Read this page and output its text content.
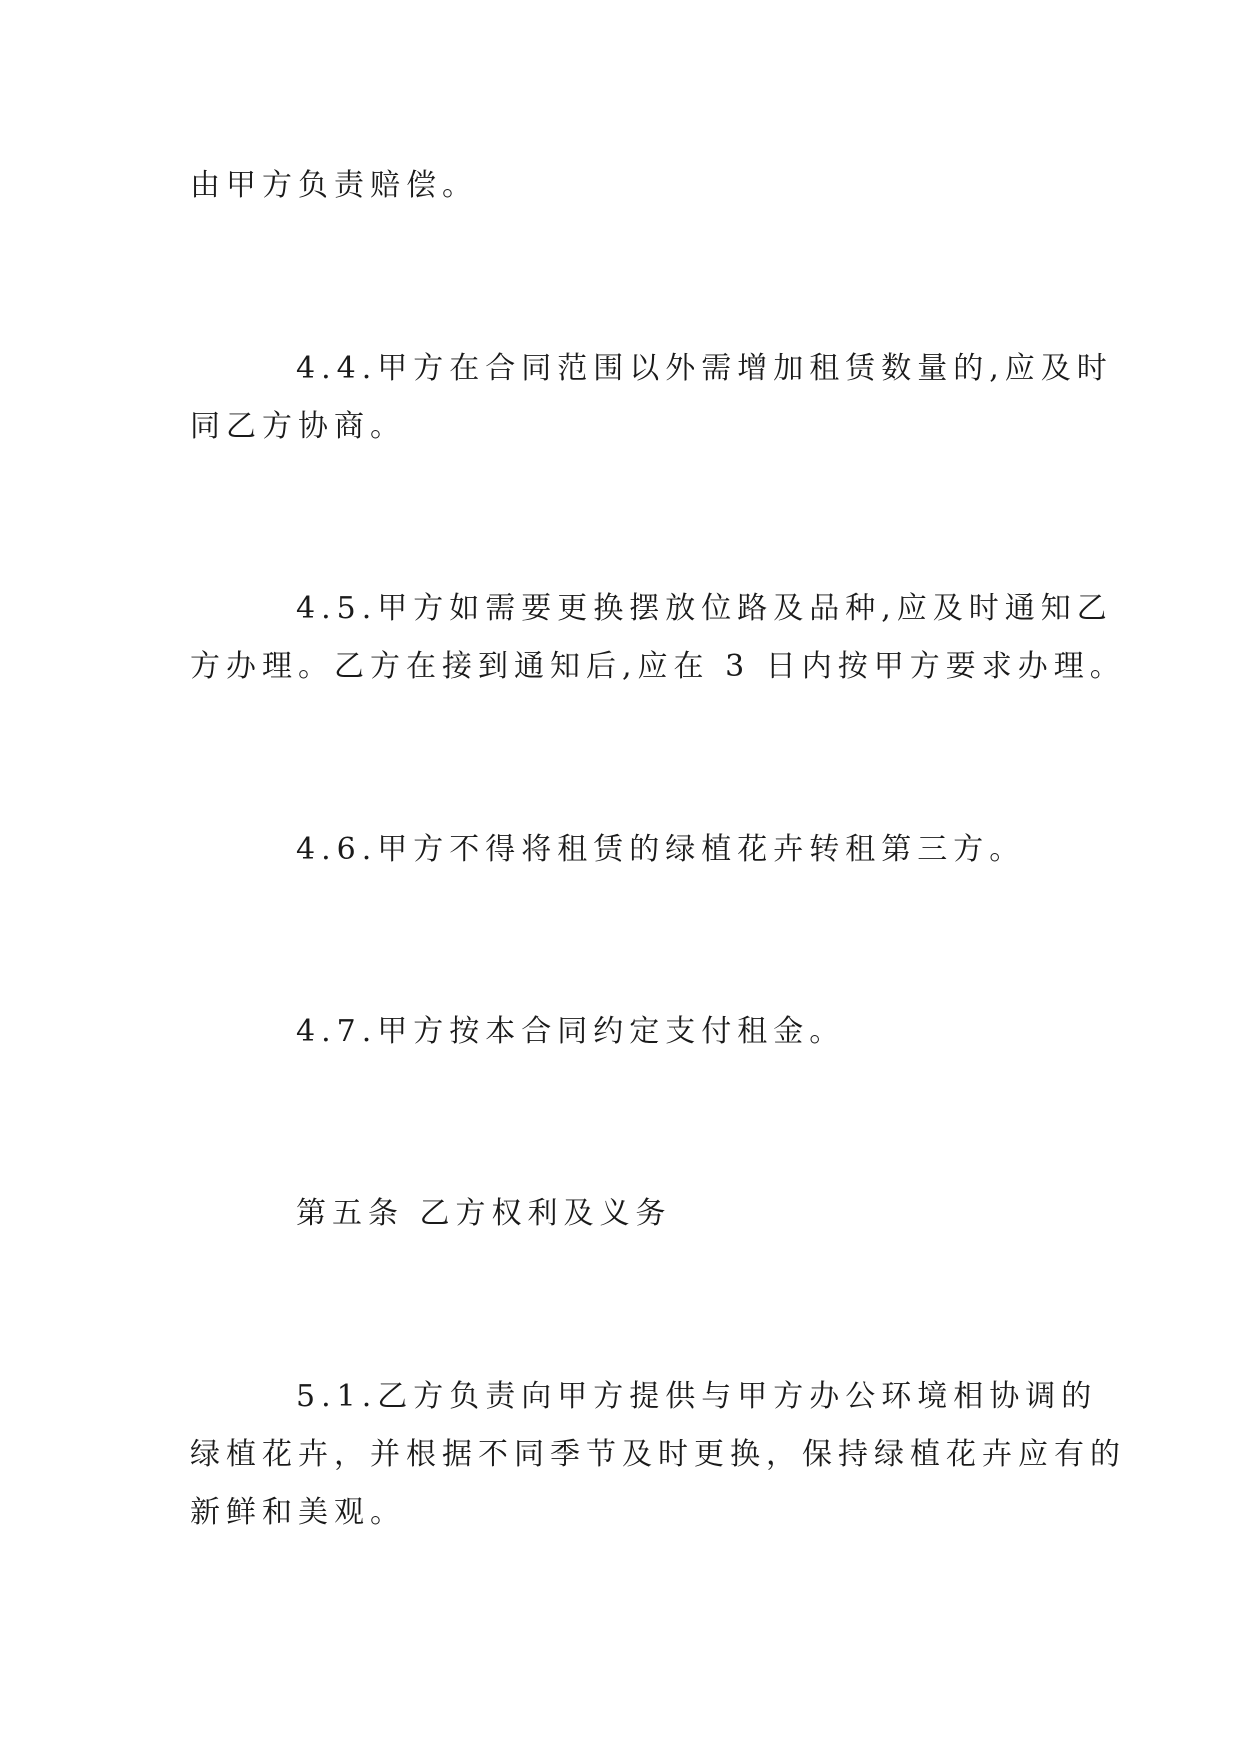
由甲方负责赔偿。
4.4.甲方在合同范围以外需增加租赁数量的,应及时
同乙方协商。
4.5.甲方如需要更换摆放位路及品种,应及时通知乙
方办理。乙方在接到通知后,应在 3 日内按甲方要求办理。
4.6.甲方不得将租赁的绿植花卉转租第三方。
4.7.甲方按本合同约定支付租金。
第五条 乙方权利及义务
5.1.乙方负责向甲方提供与甲方办公环境相协调的
绿植花卉，并根据不同季节及时更换，保持绿植花卉应有的
新鲜和美观。
